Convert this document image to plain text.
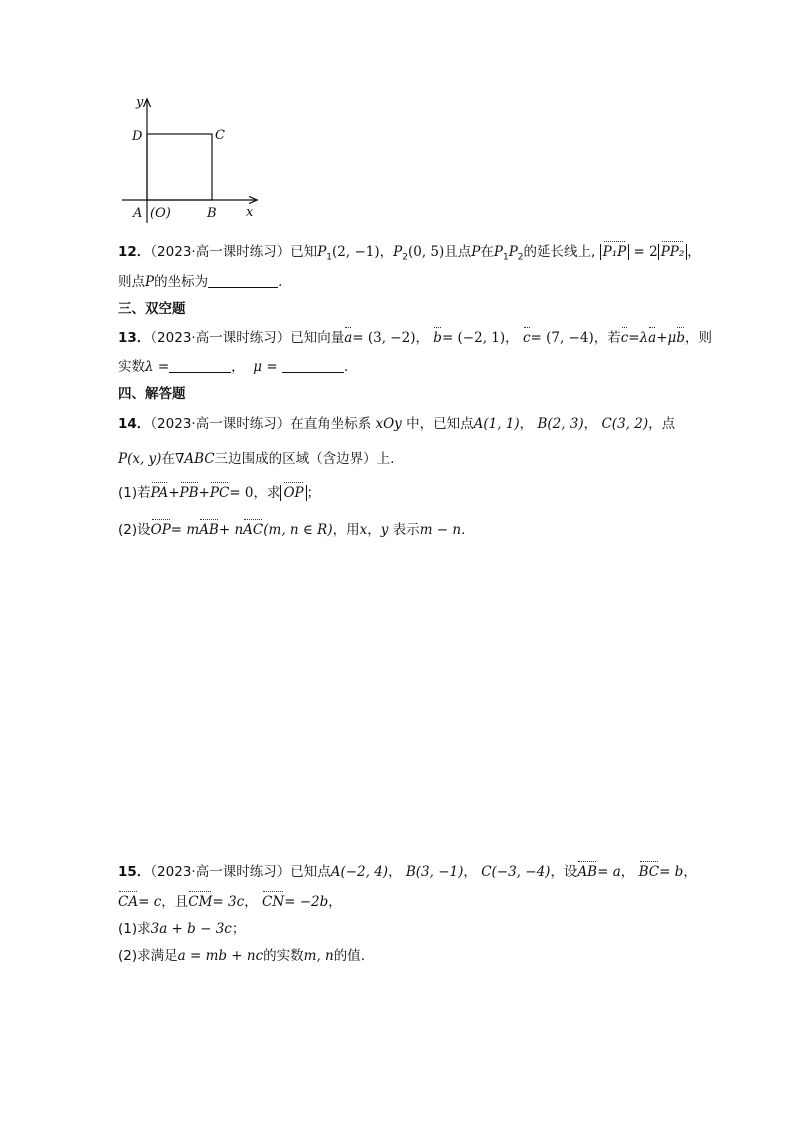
y
x
D	C
A (O)	B
12．（2023·高一课时练习）已知$P_1(2$, −1)，$P_2(0$, 5)且点P在$P_1P_2$的延长线上, P₁P = 2 PP₂ ，
则点P的坐标为	.
三、双空题
13．（2023·高一课时练习）已知向量a= (3, −2)， b= (−2, 1)， c= (7, −4)，若c=λa+μb，则
实数λ =	， μ =	.
四、解答题
14．（2023·高一课时练习）在直角坐标系 xOy 中，已知点A(1, 1)， B(2, 3)， C(3, 2)，点
P(x, y)在∇ABC三边围成的区域（含边界）上.
(1)若PA+PB+PC= 0，求 OP ；
(2)设OP= mAB+ nAC(m, n ∈ R)，用x，y 表示m − n.
15．（2023·高一课时练习）已知点A(−2, 4)， B(3, −1)， C(−3, −4)，设AB= a， BC= b，
CA= c，且CM= 3c， CN= −2b，
(1)求3a + b − 3c；
(2)求满足a = mb + nc的实数m, n的值.
